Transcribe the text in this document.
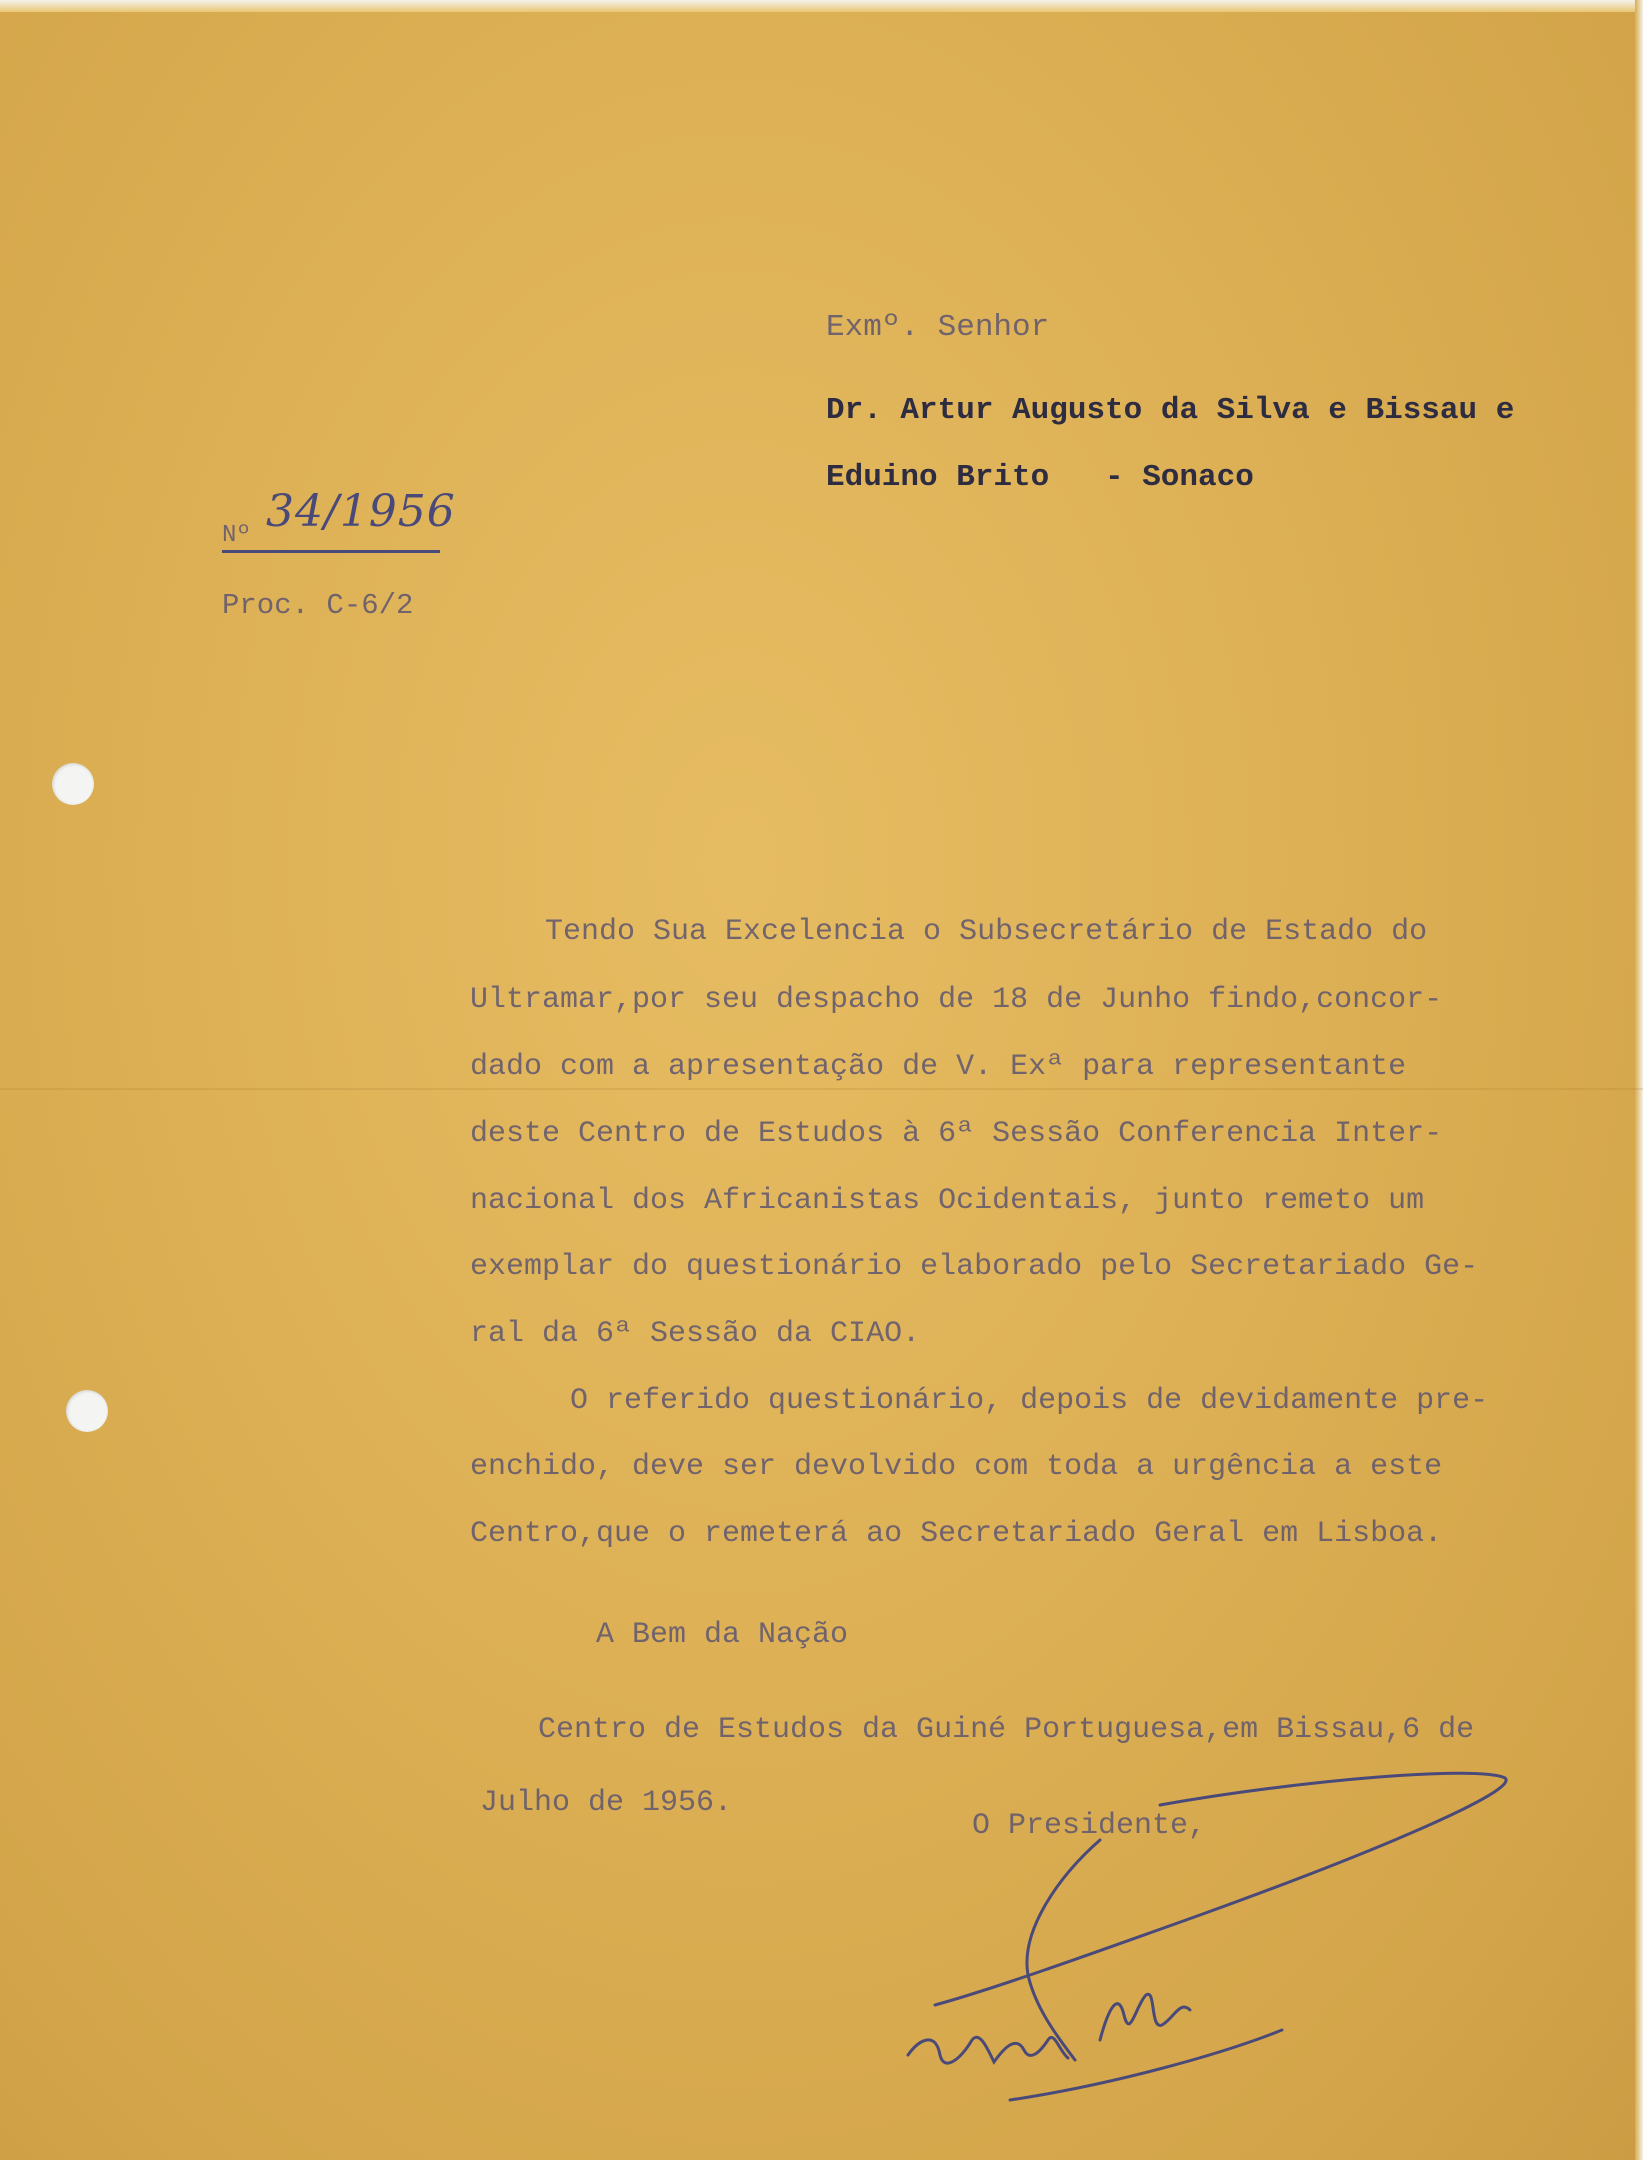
Exmº. Senhor
Dr. Artur Augusto da Silva e Bissau e
Eduino Brito - Sonaco
Nº 34/1956
Proc. C-6/2
Tendo Sua Excelencia o Subsecretário de Estado do
Ultramar,por seu despacho de 18 de Junho findo,concor-
dado com a apresentação de V. Exª para representante
deste Centro de Estudos à 6ª Sessão Conferencia Inter-
nacional dos Africanistas Ocidentais, junto remeto um
exemplar do questionário elaborado pelo Secretariado Ge-
ral da 6ª Sessão da CIAO.
O referido questionário, depois de devidamente pre-
enchido, deve ser devolvido com toda a urgência a este
Centro,que o remeterá ao Secretariado Geral em Lisboa.
A Bem da Nação
Centro de Estudos da Guiné Portuguesa,em Bissau,6 de
Julho de 1956.
O Presidente,
